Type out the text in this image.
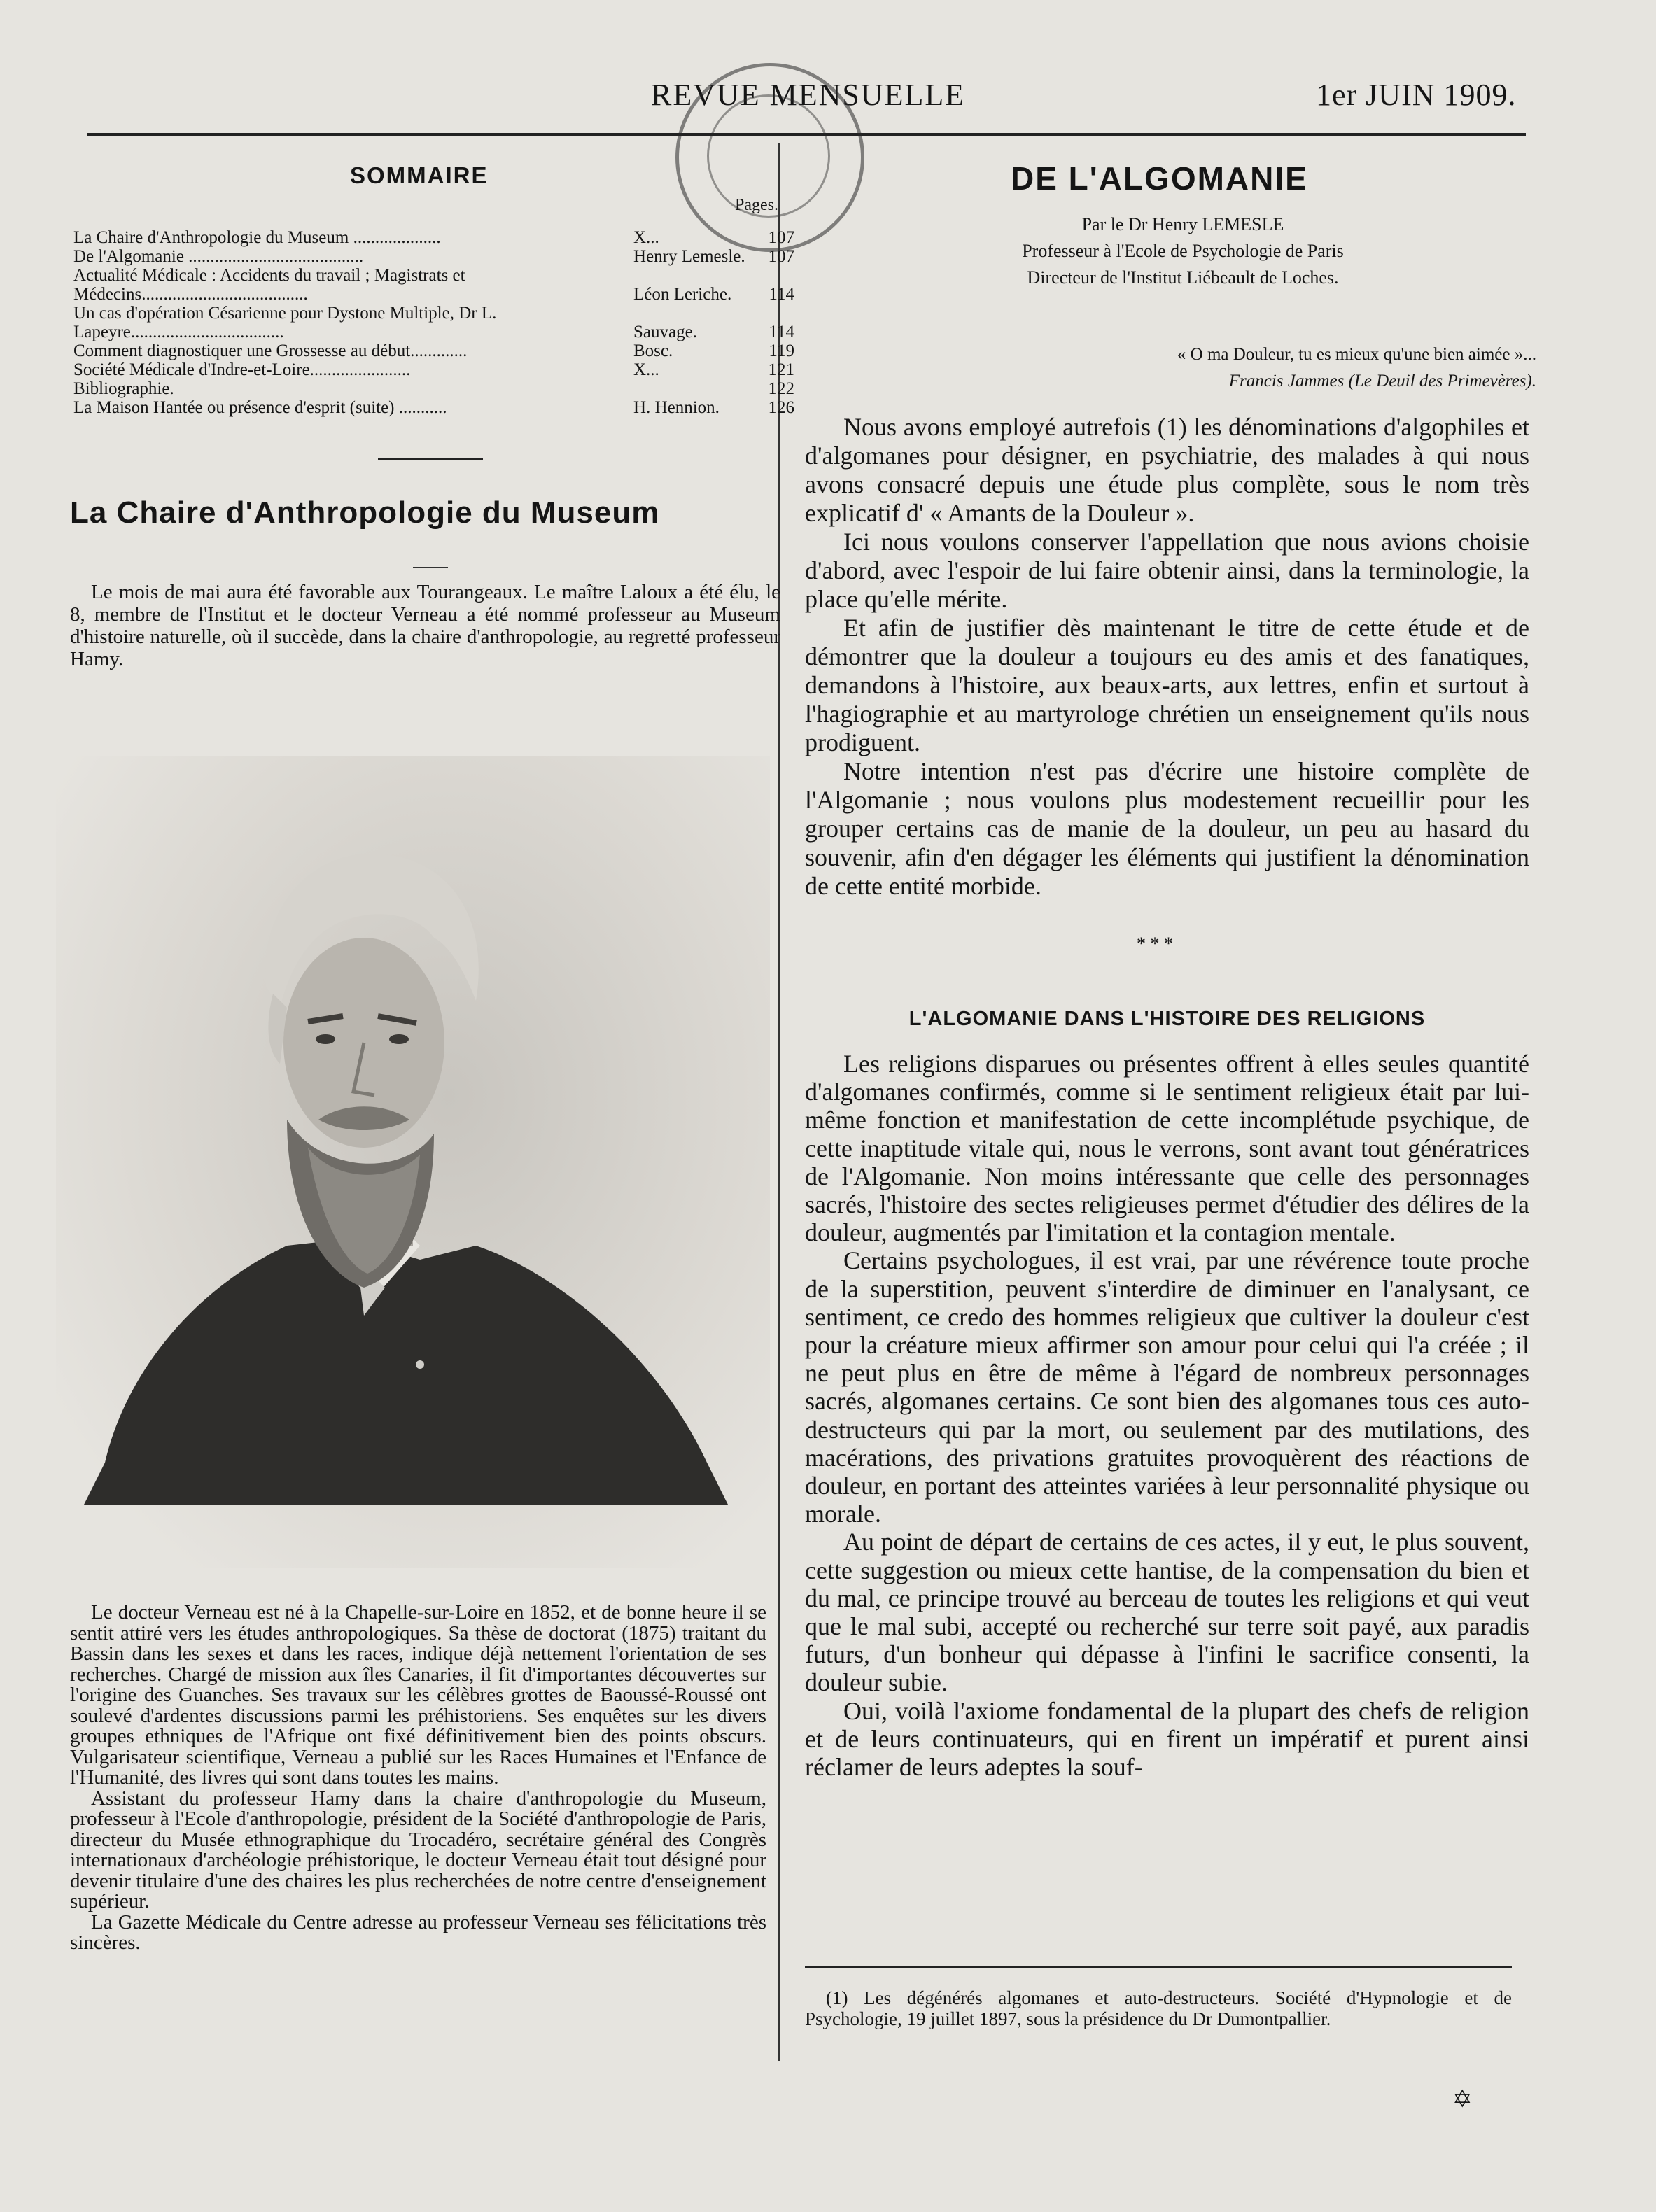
REVUE MENSUELLE	1er JUIN 1909.
SOMMAIRE
Pages.
La Chaire d'Anthropologie du Museum ....................	X...	107
De l'Algomanie ........................................	Henry Lemesle.	107
Actualité Médicale : Accidents du travail ; Magistrats et Médecins......................................	Léon Leriche.	114
Un cas d'opération Césarienne pour Dystone Multiple, Dr L. Lapeyre...................................	Sauvage.	114
Comment diagnostiquer une Grossesse au début.............	Bosc.	119
Société Médicale d'Indre-et-Loire.......................	X...	121
Bibliographie.	122
La Maison Hantée ou présence d'esprit (suite) ...........	H. Hennion.	126
La Chaire d'Anthropologie du Museum
Le mois de mai aura été favorable aux Tourangeaux. Le maître Laloux a été élu, le 8, membre de l'Institut et le docteur Verneau a été nommé professeur au Museum d'histoire naturelle, où il succède, dans la chaire d'anthropologie, au regretté professeur Hamy.

Le docteur Verneau est né à la Chapelle-sur-Loire en 1852, et de bonne heure il se sentit attiré vers les études anthropologiques. Sa thèse de doctorat (1875) traitant du Bassin dans les sexes et dans les races, indique déjà nettement l'orientation de ses recherches. Chargé de mission aux îles Canaries, il fit d'importantes découvertes sur l'origine des Guanches. Ses travaux sur les célèbres grottes de Baoussé-Roussé ont soulevé d'ardentes discussions parmi les préhistoriens. Ses enquêtes sur les divers groupes ethniques de l'Afrique ont fixé définitivement bien des points obscurs. Vulgarisateur scientifique, Verneau a publié sur les Races Humaines et l'Enfance de l'Humanité, des livres qui sont dans toutes les mains.

Assistant du professeur Hamy dans la chaire d'anthropologie du Museum, professeur à l'Ecole d'anthropologie, président de la Société d'anthropologie de Paris, directeur du Musée ethnographique du Trocadéro, secrétaire général des Congrès internationaux d'archéologie préhistorique, le docteur Verneau était tout désigné pour devenir titulaire d'une des chaires les plus recherchées de notre centre d'enseignement supérieur.

La Gazette Médicale du Centre adresse au professeur Verneau ses félicitations très sincères.

DE L'ALGOMANIE
Par le Dr Henry LEMESLE
Professeur à l'Ecole de Psychologie de Paris
Directeur de l'Institut Liébeault de Loches.
« O ma Douleur, tu es mieux qu'une bien aimée »...
Francis Jammes (Le Deuil des Primevères).

Nous avons employé autrefois (1) les dénominations d'algophiles et d'algomanes pour désigner, en psychiatrie, des malades à qui nous avons consacré depuis une étude plus complète, sous le nom très explicatif d' « Amants de la Douleur ».

Ici nous voulons conserver l'appellation que nous avions choisie d'abord, avec l'espoir de lui faire obtenir ainsi, dans la terminologie, la place qu'elle mérite.

Et afin de justifier dès maintenant le titre de cette étude et de démontrer que la douleur a toujours eu des amis et des fanatiques, demandons à l'histoire, aux beaux-arts, aux lettres, enfin et surtout à l'hagiographie et au martyrologe chrétien un enseignement qu'ils nous prodiguent.

Notre intention n'est pas d'écrire une histoire complète de l'Algomanie ; nous voulons plus modestement recueillir pour les grouper certains cas de manie de la douleur, un peu au hasard du souvenir, afin d'en dégager les éléments qui justifient la dénomination de cette entité morbide.

* * *
L'ALGOMANIE DANS L'HISTOIRE DES RELIGIONS

Les religions disparues ou présentes offrent à elles seules quantité d'algomanes confirmés, comme si le sentiment religieux était par lui-même fonction et manifestation de cette incomplétude psychique, de cette inaptitude vitale qui, nous le verrons, sont avant tout génératrices de l'Algomanie. Non moins intéressante que celle des personnages sacrés, l'histoire des sectes religieuses permet d'étudier des délires de la douleur, augmentés par l'imitation et la contagion mentale.

Certains psychologues, il est vrai, par une révérence toute proche de la superstition, peuvent s'interdire de diminuer en l'analysant, ce sentiment, ce credo des hommes religieux que cultiver la douleur c'est pour la créature mieux affirmer son amour pour celui qui l'a créée ; il ne peut plus en être de même à l'égard de nombreux personnages sacrés, algomanes certains. Ce sont bien des algomanes tous ces auto-destructeurs qui par la mort, ou seulement par des mutilations, des macérations, des privations gratuites provoquèrent des réactions de douleur, en portant des atteintes variées à leur personnalité physique ou morale.

Au point de départ de certains de ces actes, il y eut, le plus souvent, cette suggestion ou mieux cette hantise, de la compensation du bien et du mal, ce principe trouvé au berceau de toutes les religions et qui veut que le mal subi, accepté ou recherché sur terre soit payé, aux paradis futurs, d'un bonheur qui dépasse à l'infini le sacrifice consenti, la douleur subie.

Oui, voilà l'axiome fondamental de la plupart des chefs de religion et de leurs continuateurs, qui en firent un impératif et purent ainsi réclamer de leurs adeptes la souf-

(1) Les dégénérés algomanes et auto-destructeurs. Société d'Hypnologie et de Psychologie, 19 juillet 1897, sous la présidence du Dr Dumontpallier.
✡
